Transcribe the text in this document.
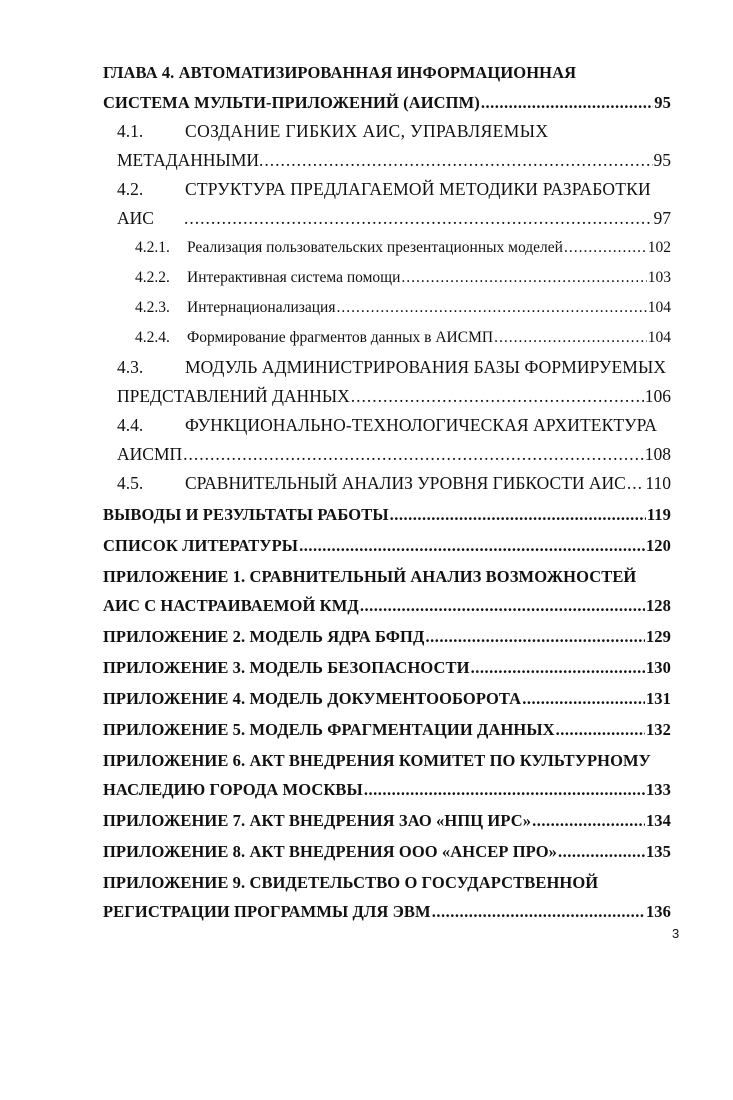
ГЛАВА 4. АВТОМАТИЗИРОВАННАЯ ИНФОРМАЦИОННАЯ
СИСТЕМА МУЛЬТИ-ПРИЛОЖЕНИЙ (АИСПМ) .....	95
4.1.	СОЗДАНИЕ ГИБКИХ АИС, УПРАВЛЯЕМЫХ
МЕТАДАННЫМИ. .....	95
4.2.	СТРУКТУРА ПРЕДЛАГАЕМОЙ МЕТОДИКИ РАЗРАБОТКИ
АИС .....	97
4.2.1.	Реализация пользовательских презентационных моделей .....	102
4.2.2.	Интерактивная система помощи .....	103
4.2.3.	Интернационализация .....	104
4.2.4.	Формирование фрагментов данных в АИСМП .....	104
4.3.	МОДУЛЬ АДМИНИСТРИРОВАНИЯ БАЗЫ ФОРМИРУЕМЫХ
ПРЕДСТАВЛЕНИЙ ДАННЫХ .....	106
4.4.	ФУНКЦИОНАЛЬНО-ТЕХНОЛОГИЧЕСКАЯ АРХИТЕКТУРА
АИСМП .....	108
4.5.	СРАВНИТЕЛЬНЫЙ АНАЛИЗ УРОВНЯ ГИБКОСТИ АИС ..... 110
ВЫВОДЫ И РЕЗУЛЬТАТЫ РАБОТЫ .....	119
СПИСОК ЛИТЕРАТУРЫ .....	120
ПРИЛОЖЕНИЕ 1. СРАВНИТЕЛЬНЫЙ АНАЛИЗ ВОЗМОЖНОСТЕЙ
АИС С НАСТРАИВАЕМОЙ КМД .....	128
ПРИЛОЖЕНИЕ 2. МОДЕЛЬ ЯДРА БФПД .....	129
ПРИЛОЖЕНИЕ 3. МОДЕЛЬ БЕЗОПАСНОСТИ .....	130
ПРИЛОЖЕНИЕ 4. МОДЕЛЬ ДОКУМЕНТООБОРОТА .....	131
ПРИЛОЖЕНИЕ 5. МОДЕЛЬ ФРАГМЕНТАЦИИ ДАННЫХ .....	132
ПРИЛОЖЕНИЕ 6. АКТ ВНЕДРЕНИЯ КОМИТЕТ ПО КУЛЬТУРНОМУ
НАСЛЕДИЮ ГОРОДА МОСКВЫ .....	133
ПРИЛОЖЕНИЕ 7. АКТ ВНЕДРЕНИЯ ЗАО «НПЦ ИРС» .....	134
ПРИЛОЖЕНИЕ 8. АКТ ВНЕДРЕНИЯ ООО «АНСЕР ПРО» .....	135
ПРИЛОЖЕНИЕ 9. СВИДЕТЕЛЬСТВО О ГОСУДАРСТВЕННОЙ
РЕГИСТРАЦИИ ПРОГРАММЫ ДЛЯ ЭВМ .....	136
3
